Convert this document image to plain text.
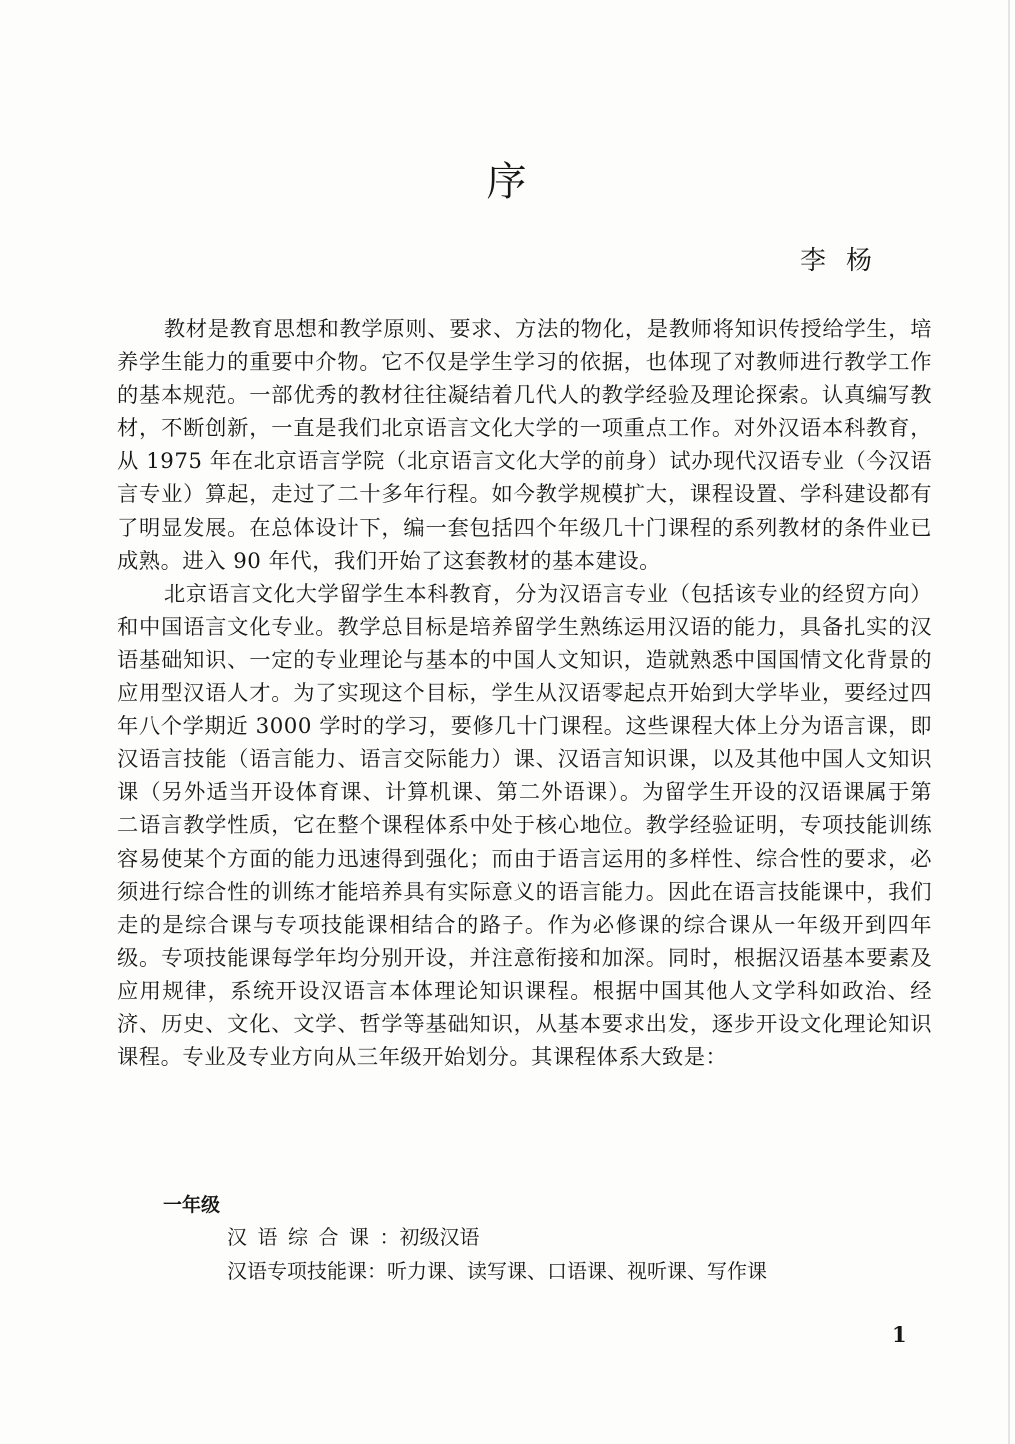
序
李杨

教材是教育思想和教学原则、要求、方法的物化，是教师将知识传授给学生，培养学生能力的重要中介物。它不仅是学生学习的依据，也体现了对教师进行教学工作的基本规范。一部优秀的教材往往凝结着几代人的教学经验及理论探索。认真编写教材，不断创新，一直是我们北京语言文化大学的一项重点工作。对外汉语本科教育，从 1975 年在北京语言学院（北京语言文化大学的前身）试办现代汉语专业（今汉语言专业）算起，走过了二十多年行程。如今教学规模扩大，课程设置、学科建设都有了明显发展。在总体设计下，编一套包括四个年级几十门课程的系列教材的条件业已成熟。进入 90 年代，我们开始了这套教材的基本建设。

北京语言文化大学留学生本科教育，分为汉语言专业（包括该专业的经贸方向）和中国语言文化专业。教学总目标是培养留学生熟练运用汉语的能力，具备扎实的汉语基础知识、一定的专业理论与基本的中国人文知识，造就熟悉中国国情文化背景的应用型汉语人才。为了实现这个目标，学生从汉语零起点开始到大学毕业，要经过四年八个学期近 3000 学时的学习，要修几十门课程。这些课程大体上分为语言课，即汉语言技能（语言能力、语言交际能力）课、汉语言知识课，以及其他中国人文知识课（另外适当开设体育课、计算机课、第二外语课）。为留学生开设的汉语课属于第二语言教学性质，它在整个课程体系中处于核心地位。教学经验证明，专项技能训练容易使某个方面的能力迅速得到强化；而由于语言运用的多样性、综合性的要求，必须进行综合性的训练才能培养具有实际意义的语言能力。因此在语言技能课中，我们走的是综合课与专项技能课相结合的路子。作为必修课的综合课从一年级开到四年级。专项技能课每学年均分别开设，并注意衔接和加深。同时，根据汉语基本要素及应用规律，系统开设汉语言本体理论知识课程。根据中国其他人文学科如政治、经济、历史、文化、文学、哲学等基础知识，从基本要求出发，逐步开设文化理论知识课程。专业及专业方向从三年级开始划分。其课程体系大致是：

一年级
汉语综合课：初级汉语
汉语专项技能课：听力课、读写课、口语课、视听课、写作课
1
